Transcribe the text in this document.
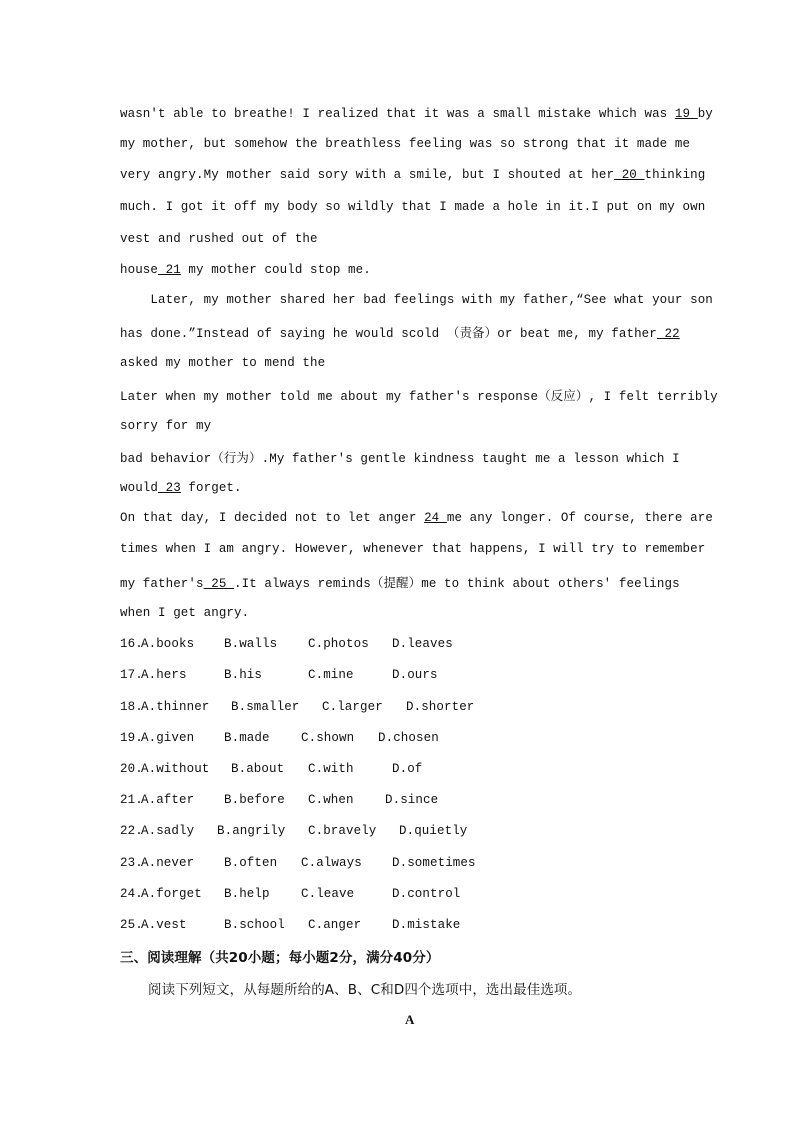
wasn't able to breathe! I realized that it was a small mistake which was 19 by
my mother, but somehow the breathless feeling was so strong that it made me
very angry.My mother said sory with a smile, but I shouted at her 20 thinking
much. I got it off my body so wildly that I made a hole in it.I put on my own
vest and rushed out of the
house 21 my mother could stop me.
Later, my mother shared her bad feelings with my father,“See what your son
has done.”Instead of saying he would scold （责备）or beat me, my father 22
asked my mother to mend the
Later when my mother told me about my father's response（反应）, I felt terribly
sorry for my
bad behavior（行为）.My father's gentle kindness taught me a lesson which I
would 23 forget.
On that day, I decided not to let anger 24 me any longer. Of course, there are
times when I am angry. However, whenever that happens, I will try to remember
my father's 25 .It always reminds（提醒）me to think about others' feelings
when I get angry.
16.
A.books B.walls C.photos D.leaves
17.
A.hers	B.his	C.mine	D.ours
18.
A.thinner B.smaller C.larger D.shorter
19.
A.given B.made	C.shown D.chosen
20.
A.without B.about C.with	D.of
21.
A.after B.before C.when	D.since
22.
A.sadly B.angrily C.bravely D.quietly
23.
A.never B.often C.always D.sometimes
24.
A.forget B.help	C.leave	D.control
25.
A.vest	B.school C.anger D.mistake
三、阅读理解（共20小题；每小题2分，满分40分）
阅读下列短文，从每题所给的A、B、C和D四个选项中，选出最佳选项。
A
